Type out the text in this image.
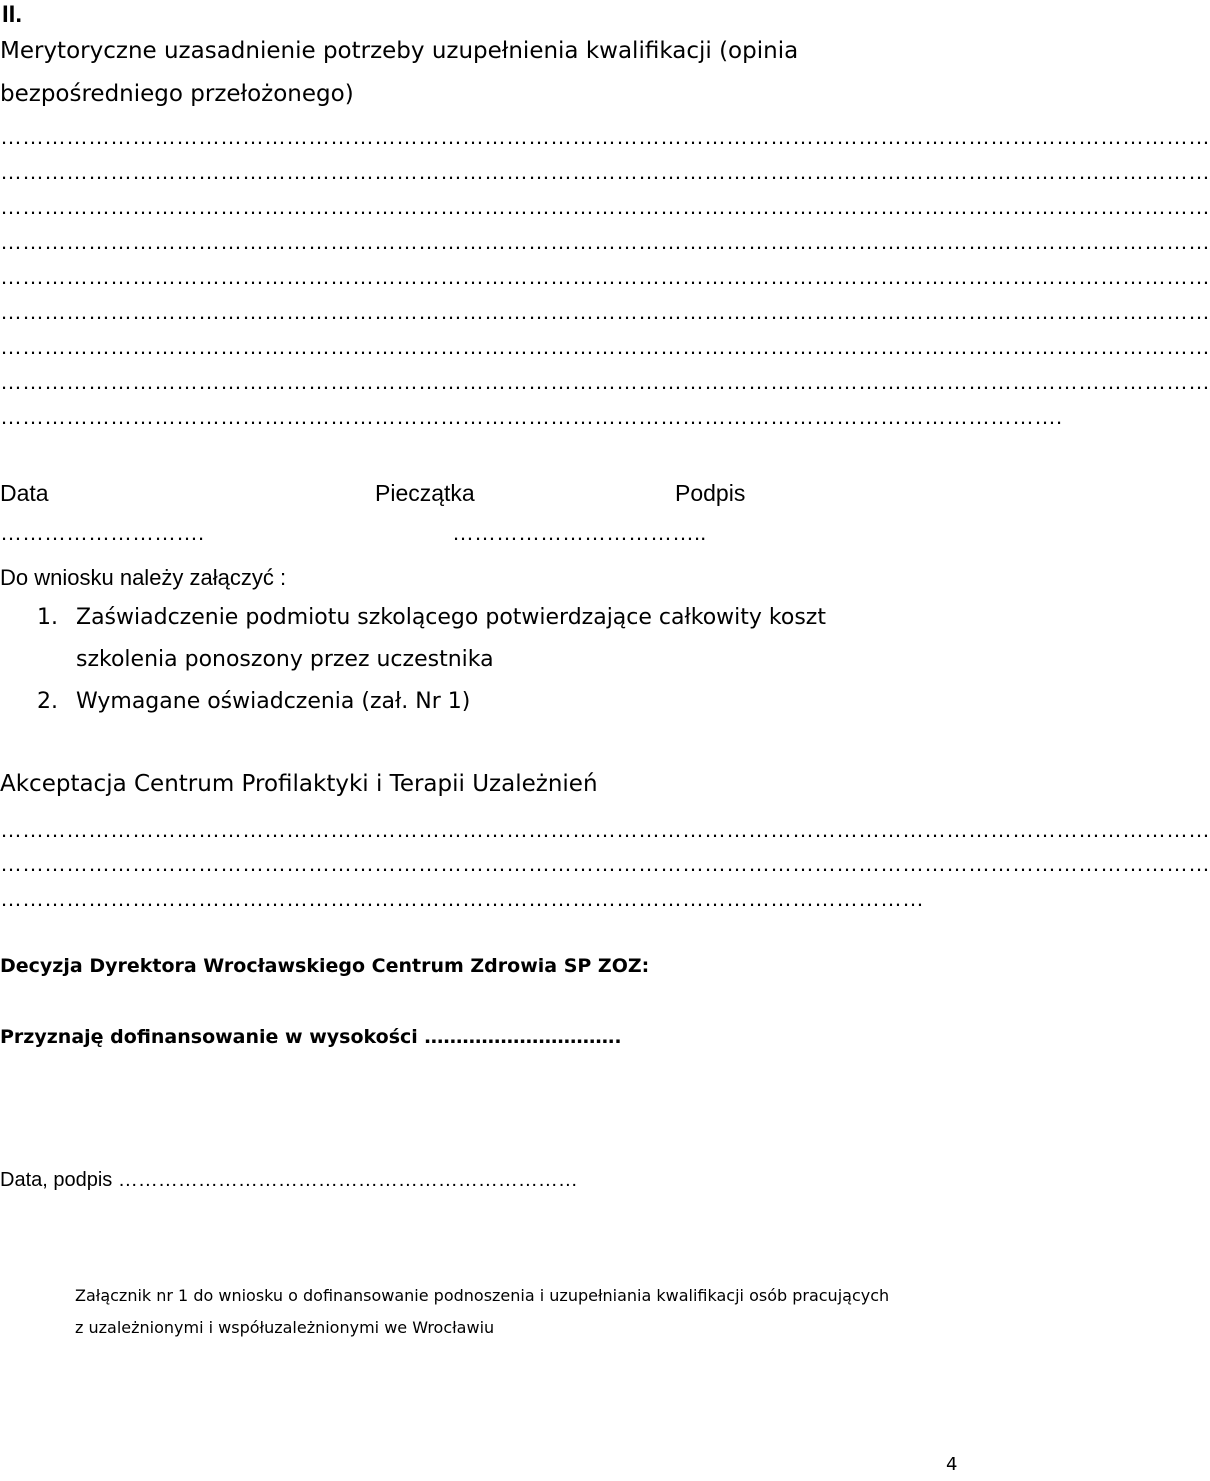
II.
Merytoryczne uzasadnienie potrzeby uzupełnienia kwalifikacji (opinia
bezpośredniego przełożonego)
…………………………………………………………………………………………………………………………………………………
…………………………………………………………………………………………………………………………………………………
…………………………………………………………………………………………………………………………………………………
…………………………………………………………………………………………………………………………………………………
…………………………………………………………………………………………………………………………………………………
…………………………………………………………………………………………………………………………………………………
…………………………………………………………………………………………………………………………………………………
…………………………………………………………………………………………………………………………………………………
……………………………………………………………………………………………………………………………….
Data	Pieczątka	Podpis
……………………….	……………………………..
Do wniosku należy załączyć :
1. Zaświadczenie podmiotu szkolącego potwierdzające całkowity koszt
szkolenia ponoszony przez uczestnika
2. Wymagane oświadczenia (zał. Nr 1)
Akceptacja Centrum Profilaktyki i Terapii Uzależnień
…………………………………………………………………………………………………………………………………………………
…………………………………………………………………………………………………………………………………………………
………………………………………………………………………………………………………………
Decyzja Dyrektora Wrocławskiego Centrum Zdrowia SP ZOZ:
Przyznaję dofinansowanie w wysokości ………………………….
Data, podpis ……………………………………………………………
Załącznik nr 1 do wniosku o dofinansowanie podnoszenia i uzupełniania kwalifikacji osób pracujących
z uzależnionymi i współuzależnionymi we Wrocławiu
4
